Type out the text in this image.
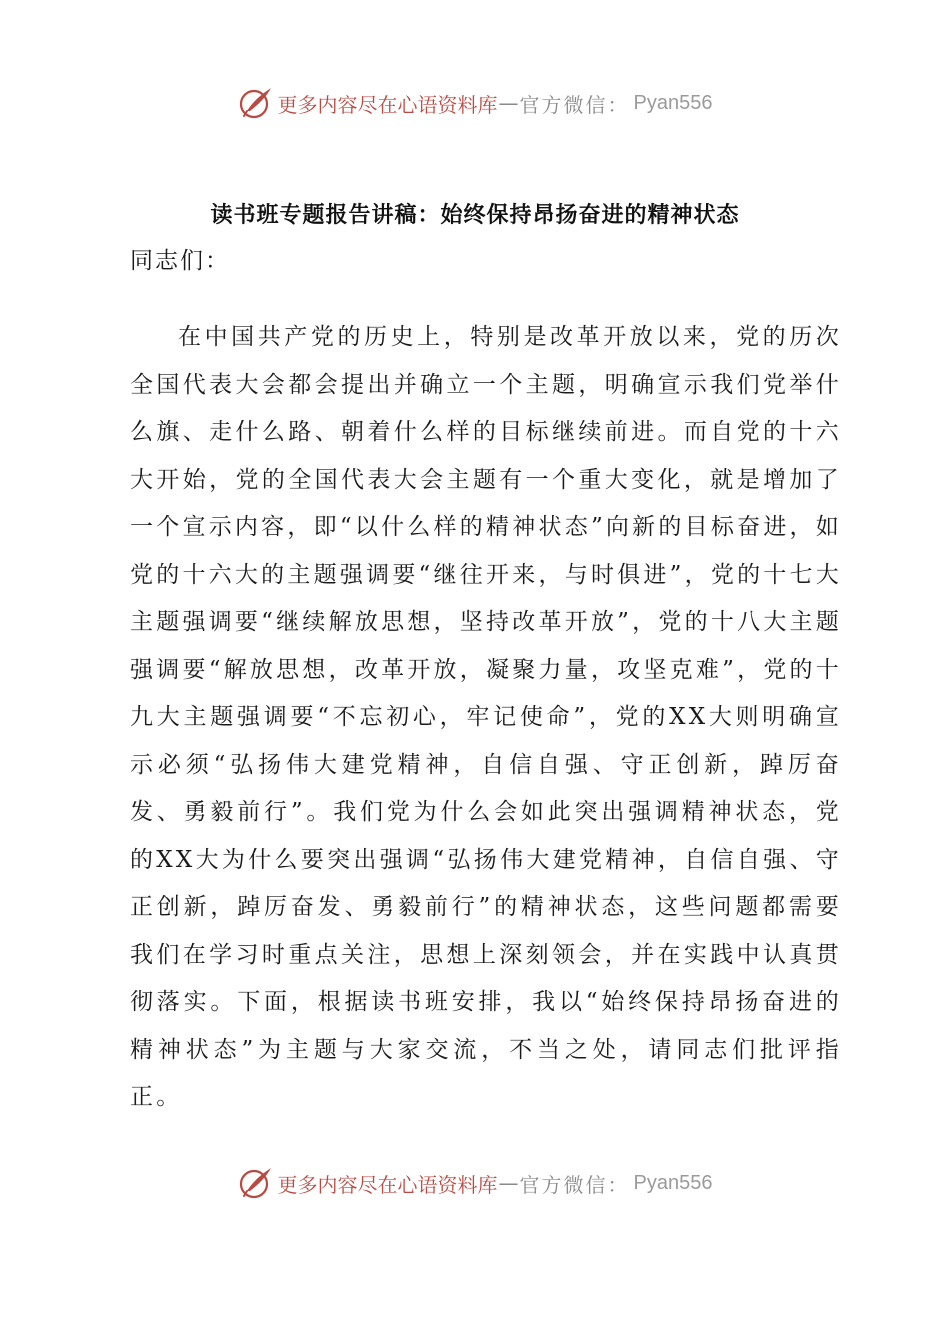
更多内容尽在心语资料库 — 官方微信： Pyan556
读书班专题报告讲稿：始终保持昂扬奋进的精神状态

同志们：

在中国共产党的历史上，特别是改革开放以来，党的历次全国代表大会都会提出并确立一个主题，明确宣示我们党举什么旗、走什么路、朝着什么样的目标继续前进。而自党的十六大开始，党的全国代表大会主题有一个重大变化，就是增加了一个宣示内容，即“以什么样的精神状态”向新的目标奋进，如党的十六大的主题强调要“继往开来，与时俱进”，党的十七大主题强调要“继续解放思想，坚持改革开放”，党的十八大主题强调要“解放思想，改革开放，凝聚力量，攻坚克难”，党的十九大主题强调要“不忘初心，牢记使命”，党的XX大则明确宣示必须“弘扬伟大建党精神，自信自强、守正创新，踔厉奋发、勇毅前行”。我们党为什么会如此突出强调精神状态，党的XX大为什么要突出强调“弘扬伟大建党精神，自信自强、守正创新，踔厉奋发、勇毅前行”的精神状态，这些问题都需要我们在学习时重点关注，思想上深刻领会，并在实践中认真贯彻落实。下面，根据读书班安排，我以“始终保持昂扬奋进的精神状态”为主题与大家交流，不当之处，请同志们批评指正。

更多内容尽在心语资料库 — 官方微信： Pyan556
